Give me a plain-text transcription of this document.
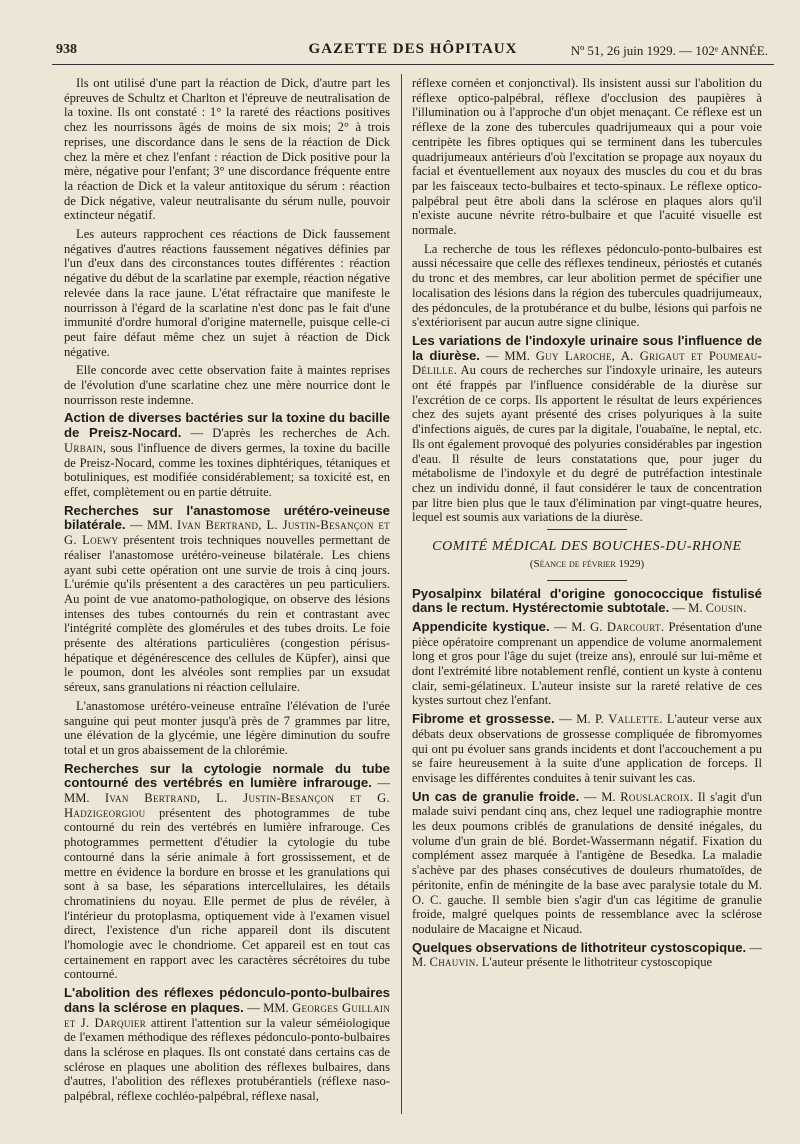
938	GAZETTE DES HÔPITAUX	Nº 51, 26 juin 1929. — 102ᵉ ANNÉE.

Ils ont utilisé d'une part la réaction de Dick, d'autre part les épreuves de Schultz et Charlton et l'épreuve de neutralisation de la toxine. Ils ont constaté : 1° la rareté des réactions positives chez les nourrissons âgés de moins de six mois; 2° à trois reprises, une discordance dans le sens de la réaction de Dick chez la mère et chez l'enfant : réaction de Dick positive pour la mère, négative pour l'enfant; 3° une discordance fréquente entre la réaction de Dick et la valeur antitoxique du sérum : réaction de Dick négative, valeur neutralisante du sérum nulle, pouvoir extincteur négatif.

Les auteurs rapprochent ces réactions de Dick faussement négatives d'autres réactions faussement négatives définies par l'un d'eux dans des circonstances toutes différentes : réaction négative du début de la scarlatine par exemple, réaction négative relevée dans la race jaune. L'état réfractaire que manifeste le nourrisson à l'égard de la scarlatine n'est donc pas le fait d'une immunité d'ordre humoral d'origine maternelle, puisque celle-ci peut faire défaut même chez un sujet à réaction de Dick négative.

Elle concorde avec cette observation faite à maintes reprises de l'évolution d'une scarlatine chez une mère nourrice dont le nourrisson reste indemne.

Action de diverses bactéries sur la toxine du bacille de Preisz-Nocard. — D'après les recherches de Ach. Urbain, sous l'influence de divers germes, la toxine du bacille de Preisz-Nocard, comme les toxines diphtériques, tétaniques et botuliniques, est modifiée considérablement; sa toxicité est, en effet, complètement ou en partie détruite.

Recherches sur l'anastomose urétéro-veineuse bilatérale. — MM. Ivan Bertrand, L. Justin-Besançon et G. Loewy présentent trois techniques nouvelles permettant de réaliser l'anastomose urétéro-veineuse bilatérale. Les chiens ayant subi cette opération ont une survie de trois à cinq jours. L'urémie qu'ils présentent a des caractères un peu particuliers. Au point de vue anatomo-pathologique, on observe des lésions intenses des tubes contournés du rein et contrastant avec l'intégrité complète des glomérules et des tubes droits. Le foie présente des altérations particulières (congestion périsus-hépatique et dégénérescence des cellules de Küpfer), ainsi que le poumon, dont les alvéoles sont remplies par un exsudat séreux, sans granulations ni réaction cellulaire.

L'anastomose urétéro-veineuse entraîne l'élévation de l'urée sanguine qui peut monter jusqu'à près de 7 grammes par litre, une élévation de la glycémie, une légère diminution du soufre total et un gros abaissement de la chlorémie.

Recherches sur la cytologie normale du tube contourné des vertébrés en lumière infrarouge. — MM. Ivan Bertrand, L. Justin-Besançon et G. Hadzigeorgiou présentent des photogrammes de tube contourné du rein des vertébrés en lumière infrarouge. Ces photogrammes permettent d'étudier la cytologie du tube contourné dans la série animale à fort grossissement, et de mettre en évidence la bordure en brosse et les granulations qui sont à sa base, les séparations intercellulaires, les détails chromatiniens du noyau. Elle permet de plus de révéler, à l'intérieur du protoplasma, optiquement vide à l'examen visuel direct, l'existence d'un riche appareil dont ils discutent l'homologie avec le chondriome. Cet appareil est en tout cas certainement en rapport avec les caractères sécrétoires du tube contourné.

L'abolition des réflexes pédonculo-ponto-bulbaires dans la sclérose en plaques. — MM. Georges Guillain et J. Darquier attirent l'attention sur la valeur séméiologique de l'examen méthodique des réflexes pédonculo-ponto-bulbaires dans la sclérose en plaques. Ils ont constaté dans certains cas de sclérose en plaques une abolition des réflexes bulbaires, dans d'autres, l'abolition des réflexes protubérantiels (réflexe naso-palpébral, réflexe cochléo-palpébral, réflexe nasal,

réflexe cornéen et conjonctival). Ils insistent aussi sur l'abolition du réflexe optico-palpébral, réflexe d'occlusion des paupières à l'illumination ou à l'approche d'un objet menaçant. Ce réflexe est un réflexe de la zone des tubercules quadrijumeaux qui a pour voie centripète les fibres optiques qui se terminent dans les tubercules quadrijumeaux antérieurs d'où l'excitation se propage aux noyaux du facial et éventuellement aux noyaux des muscles du cou et du bras par les faisceaux tecto-bulbaires et tecto-spinaux. Le réflexe optico-palpébral peut être aboli dans la sclérose en plaques alors qu'il n'existe aucune névrite rétro-bulbaire et que l'acuité visuelle est normale.

La recherche de tous les réflexes pédonculo-ponto-bulbaires est aussi nécessaire que celle des réflexes tendineux, périostés et cutanés du tronc et des membres, car leur abolition permet de spécifier une localisation des lésions dans la région des tubercules quadrijumeaux, des pédoncules, de la protubérance et du bulbe, lésions qui parfois ne s'extériorisent par aucun autre signe clinique.

Les variations de l'indoxyle urinaire sous l'influence de la diurèse. — MM. Guy Laroche, A. Grigaut et Poumeau-Délille. Au cours de recherches sur l'indoxyle urinaire, les auteurs ont été frappés par l'influence considérable de la diurèse sur l'excrétion de ce corps. Ils apportent le résultat de leurs expériences chez des sujets ayant présenté des crises polyuriques à la suite d'infections aiguës, de cures par la digitale, l'ouabaïne, le neptal, etc. Ils ont également provoqué des polyuries considérables par ingestion d'eau. Il résulte de leurs constatations que, pour juger du métabolisme de l'indoxyle et du degré de putréfaction intestinale chez un individu donné, il faut considérer le taux de concentration par litre bien plus que le taux d'élimination par vingt-quatre heures, lequel est soumis aux variations de la diurèse.

COMITÉ MÉDICAL DES BOUCHES-DU-RHONE
(Séance de février 1929)

Pyosalpinx bilatéral d'origine gonococcique fistulisé dans le rectum. Hystérectomie subtotale. — M. Cousin.

Appendicite kystique. — M. G. Darcourt. Présentation d'une pièce opératoire comprenant un appendice de volume anormalement long et gros pour l'âge du sujet (treize ans), enroulé sur lui-même et dont l'extrémité libre notablement renflé, contient un kyste à contenu clair, semi-gélatineux. L'auteur insiste sur la rareté relative de ces kystes surtout chez l'enfant.

Fibrome et grossesse. — M. P. Vallette. L'auteur verse aux débats deux observations de grossesse compliquée de fibromyomes qui ont pu évoluer sans grands incidents et dont l'accouchement a pu se faire heureusement à la suite d'une application de forceps. Il envisage les différentes conduites à tenir suivant les cas.

Un cas de granulie froide. — M. Rouslacroix. Il s'agit d'un malade suivi pendant cinq ans, chez lequel une radiographie montre les deux poumons criblés de granulations de densité inégales, du volume d'un grain de blé. Bordet-Wassermann négatif. Fixation du complément assez marquée à l'antigène de Besedka. La maladie s'achève par des phases consécutives de douleurs rhumatoïdes, de péritonite, enfin de méningite de la base avec paralysie totale du M. O. C. gauche. Il semble bien s'agir d'un cas légitime de granulie froide, malgré quelques points de ressemblance avec la sclérose nodulaire de Macaigne et Nicaud.

Quelques observations de lithotriteur cystoscopique. — M. Chauvin. L'auteur présente le lithotriteur cystoscopique
